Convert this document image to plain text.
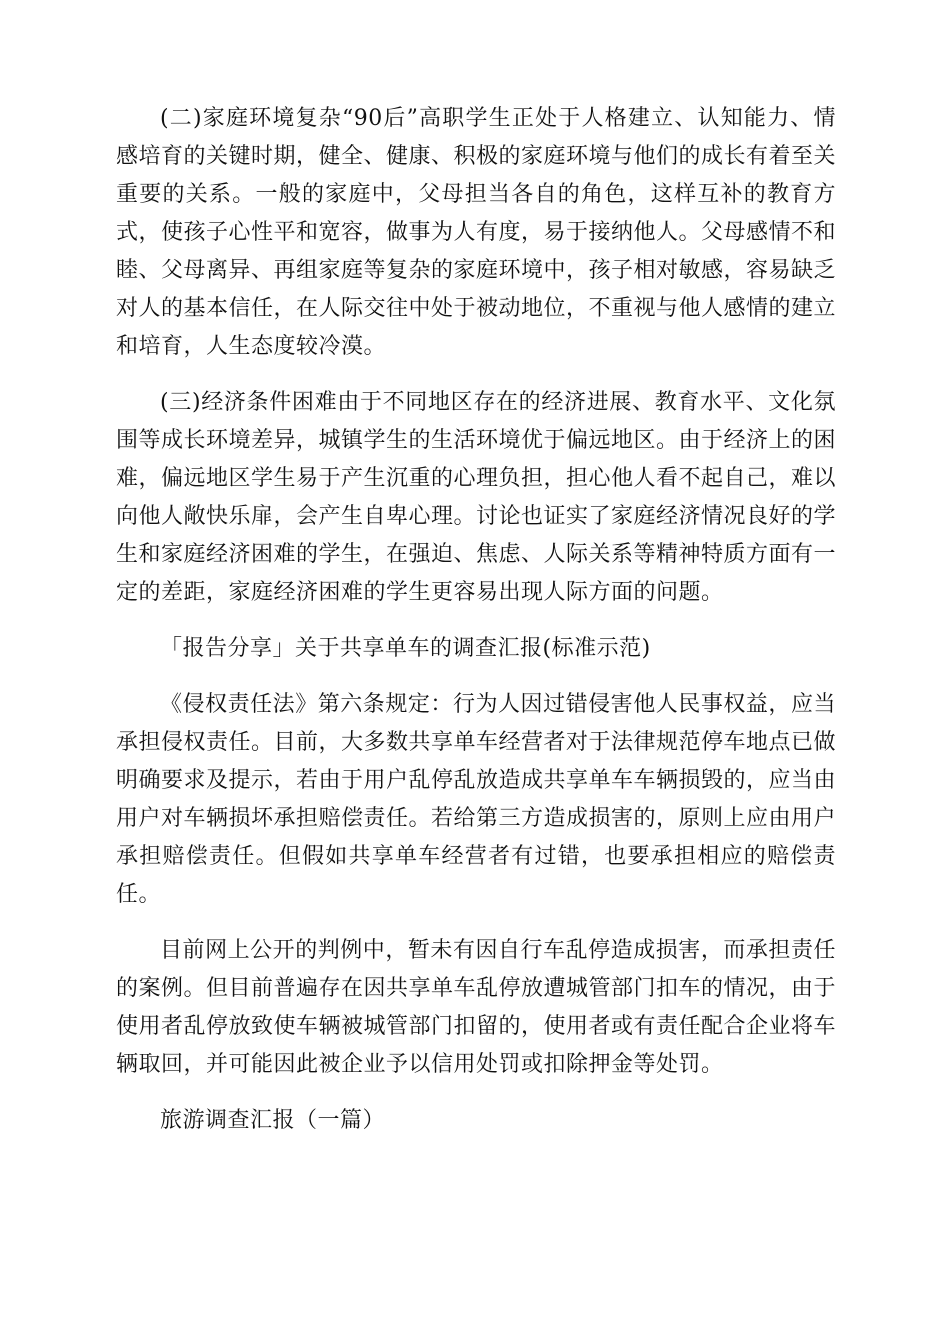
(二)家庭环境复杂“90后”高职学生正处于人格建立、认知能力、情感培育的关键时期，健全、健康、积极的家庭环境与他们的成长有着至关重要的关系。一般的家庭中，父母担当各自的角色，这样互补的教育方式，使孩子心性平和宽容，做事为人有度，易于接纳他人。父母感情不和睦、父母离异、再组家庭等复杂的家庭环境中，孩子相对敏感，容易缺乏对人的基本信任，在人际交往中处于被动地位，不重视与他人感情的建立和培育，人生态度较冷漠。

(三)经济条件困难由于不同地区存在的经济进展、教育水平、文化氛围等成长环境差异，城镇学生的生活环境优于偏远地区。由于经济上的困难，偏远地区学生易于产生沉重的心理负担，担心他人看不起自己，难以向他人敞快乐扉，会产生自卑心理。讨论也证实了家庭经济情况良好的学生和家庭经济困难的学生，在强迫、焦虑、人际关系等精神特质方面有一定的差距，家庭经济困难的学生更容易出现人际方面的问题。

「报告分享」关于共享单车的调查汇报(标准示范)

《侵权责任法》第六条规定：行为人因过错侵害他人民事权益，应当承担侵权责任。目前，大多数共享单车经营者对于法律规范停车地点已做明确要求及提示，若由于用户乱停乱放造成共享单车车辆损毁的，应当由用户对车辆损坏承担赔偿责任。若给第三方造成损害的，原则上应由用户承担赔偿责任。但假如共享单车经营者有过错，也要承担相应的赔偿责任。

目前网上公开的判例中，暂未有因自行车乱停造成损害，而承担责任的案例。但目前普遍存在因共享单车乱停放遭城管部门扣车的情况，由于使用者乱停放致使车辆被城管部门扣留的，使用者或有责任配合企业将车辆取回，并可能因此被企业予以信用处罚或扣除押金等处罚。

旅游调查汇报（一篇）
